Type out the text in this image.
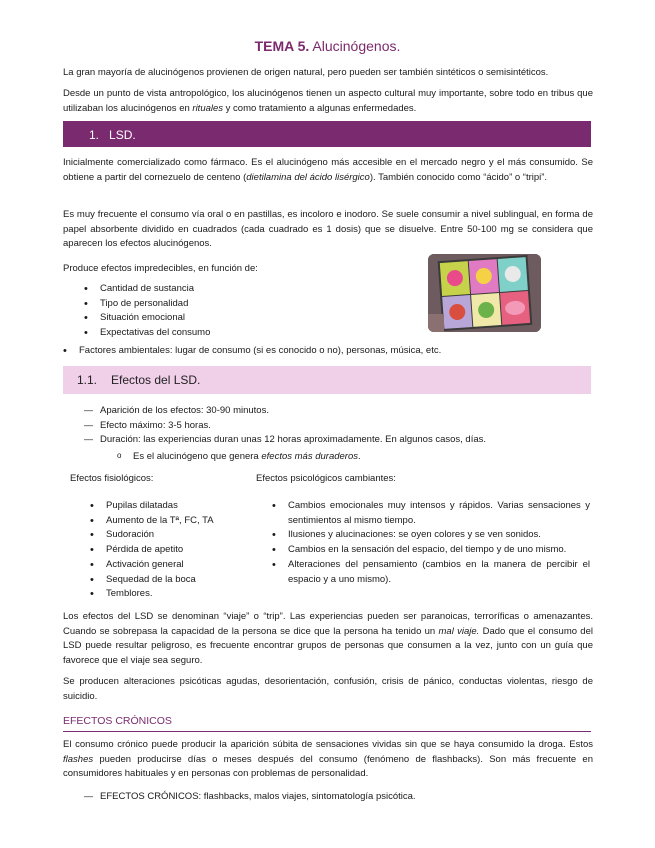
TEMA 5. Alucinógenos.
La gran mayoría de alucinógenos provienen de origen natural, pero pueden ser también sintéticos o semisintéticos.
Desde un punto de vista antropológico, los alucinógenos tienen un aspecto cultural muy importante, sobre todo en tribus que utilizaban los alucinógenos en rituales y como tratamiento a algunas enfermedades.
1. LSD.
Inicialmente comercializado como fármaco. Es el alucinógeno más accesible en el mercado negro y el más consumido. Se obtiene a partir del cornezuelo de centeno (dietilamina del ácido lisérgico). También conocido como “ácido” o “tripi”.
Es muy frecuente el consumo vía oral o en pastillas, es incoloro e inodoro. Se suele consumir a nivel sublingual, en forma de papel absorbente dividido en cuadrados (cada cuadrado es 1 dosis) que se disuelve. Entre 50-100 mg se considera que aparecen los efectos alucinógenos.
Produce efectos impredecibles, en función de:
• Cantidad de sustancia
• Tipo de personalidad
• Situación emocional
• Expectativas del consumo
• Factores ambientales: lugar de consumo (si es conocido o no), personas, música, etc.
1.1. Efectos del LSD.
— Aparición de los efectos: 30-90 minutos.
— Efecto máximo: 3-5 horas.
— Duración: las experiencias duran unas 12 horas aproximadamente. En algunos casos, días.
o Es el alucinógeno que genera efectos más duraderos.
Efectos fisiológicos:
• Pupilas dilatadas
• Aumento de la Tª, FC, TA
• Sudoración
• Pérdida de apetito
• Activación general
• Sequedad de la boca
• Temblores.
Efectos psicológicos cambiantes:
• Cambios emocionales muy intensos y rápidos. Varias sensaciones y sentimientos al mismo tiempo.
• Ilusiones y alucinaciones: se oyen colores y se ven sonidos.
• Cambios en la sensación del espacio, del tiempo y de uno mismo.
• Alteraciones del pensamiento (cambios en la manera de percibir el espacio y a uno mismo).
Los efectos del LSD se denominan “viaje” o “trip”. Las experiencias pueden ser paranoicas, terroríficas o amenazantes. Cuando se sobrepasa la capacidad de la persona se dice que la persona ha tenido un mal viaje. Dado que el consumo del LSD puede resultar peligroso, es frecuente encontrar grupos de personas que consumen a la vez, junto con un guía que favorece que el viaje sea seguro.
Se producen alteraciones psicóticas agudas, desorientación, confusión, crisis de pánico, conductas violentas, riesgo de suicidio.
EFECTOS CRÓNICOS
El consumo crónico puede producir la aparición súbita de sensaciones vividas sin que se haya consumido la droga. Estos flashes pueden producirse días o meses después del consumo (fenómeno de flashbacks). Son más frecuente en consumidores habituales y en personas con problemas de personalidad.
— EFECTOS CRÓNICOS: flashbacks, malos viajes, sintomatología psicótica.
